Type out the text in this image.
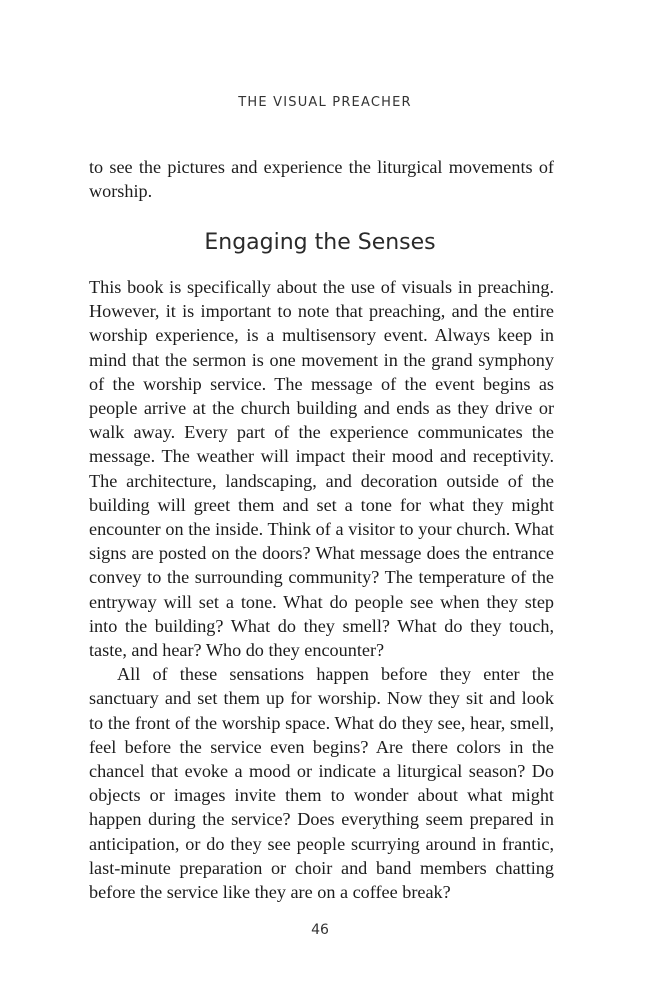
THE VISUAL PREACHER

to see the pictures and experience the liturgical movements of worship.

Engaging the Senses

This book is specifically about the use of visuals in preaching. However, it is important to note that preaching, and the entire worship experience, is a multisensory event. Always keep in mind that the sermon is one movement in the grand symphony of the worship service. The message of the event begins as people arrive at the church building and ends as they drive or walk away. Every part of the experience communicates the message. The weather will impact their mood and receptivity. The architecture, landscaping, and decoration outside of the building will greet them and set a tone for what they might encounter on the inside. Think of a visitor to your church. What signs are posted on the doors? What message does the entrance convey to the surrounding community? The temperature of the entryway will set a tone. What do people see when they step into the building? What do they smell? What do they touch, taste, and hear? Who do they encounter?

All of these sensations happen before they enter the sanctuary and set them up for worship. Now they sit and look to the front of the worship space. What do they see, hear, smell, feel before the service even begins? Are there colors in the chancel that evoke a mood or indicate a liturgical season? Do objects or images invite them to wonder about what might happen during the service? Does everything seem prepared in anticipation, or do they see people scurrying around in frantic, last-minute preparation or choir and band members chatting before the service like they are on a coffee break?

46
